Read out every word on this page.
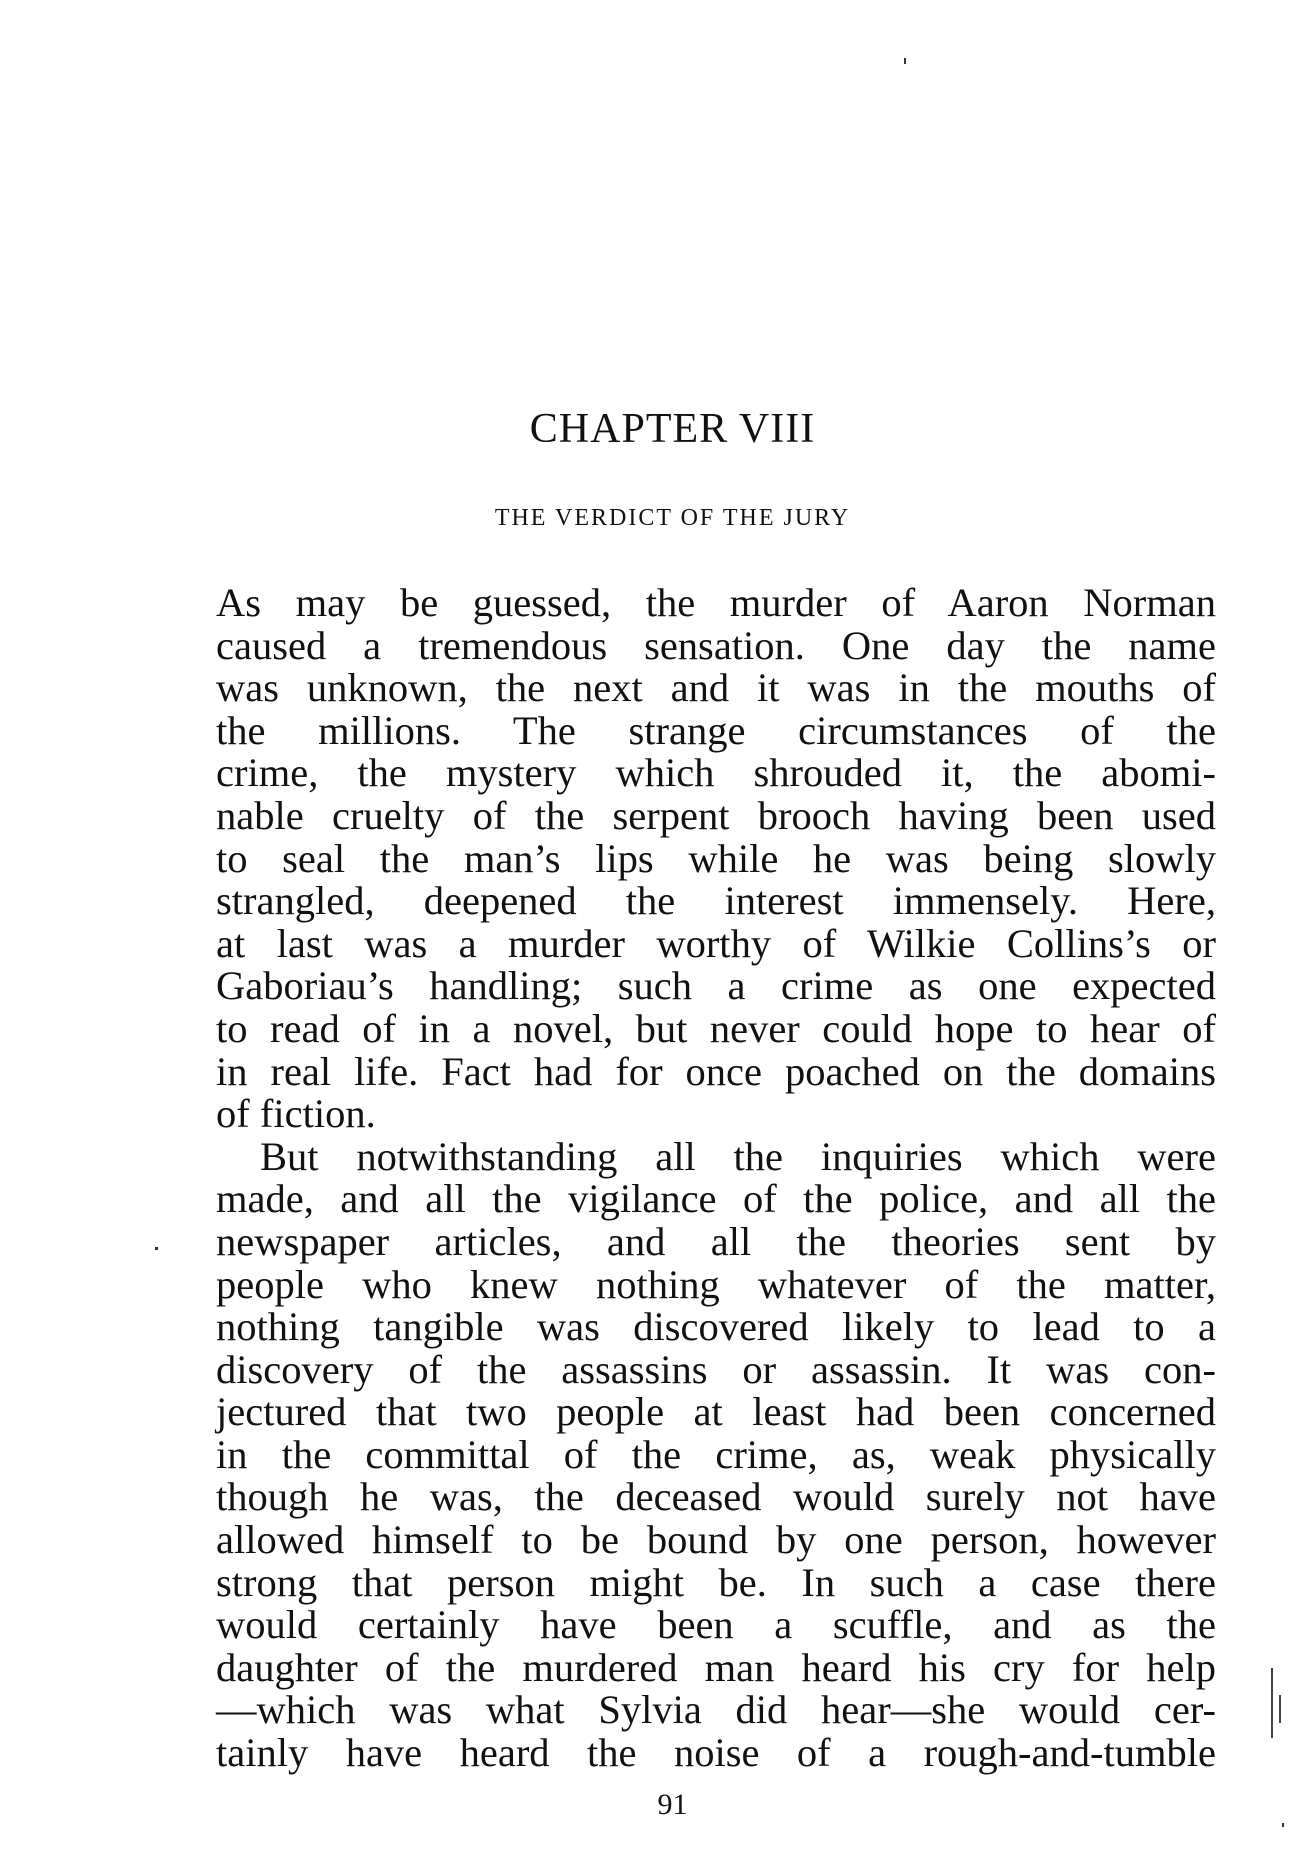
CHAPTER VIII
THE VERDICT OF THE JURY
As may be guessed, the murder of Aaron Norman
caused a tremendous sensation. One day the name
was unknown, the next and it was in the mouths of
the millions. The strange circumstances of the
crime, the mystery which shrouded it, the abomi-
nable cruelty of the serpent brooch having been used
to seal the man’s lips while he was being slowly
strangled, deepened the interest immensely. Here,
at last was a murder worthy of Wilkie Collins’s or
Gaboriau’s handling; such a crime as one expected
to read of in a novel, but never could hope to hear of
in real life. Fact had for once poached on the domains
of fiction.
But notwithstanding all the inquiries which were
made, and all the vigilance of the police, and all the
newspaper articles, and all the theories sent by
people who knew nothing whatever of the matter,
nothing tangible was discovered likely to lead to a
discovery of the assassins or assassin. It was con-
jectured that two people at least had been concerned
in the committal of the crime, as, weak physically
though he was, the deceased would surely not have
allowed himself to be bound by one person, however
strong that person might be. In such a case there
would certainly have been a scuffle, and as the
daughter of the murdered man heard his cry for help
—which was what Sylvia did hear—she would cer-
tainly have heard the noise of a rough-and-tumble
91
